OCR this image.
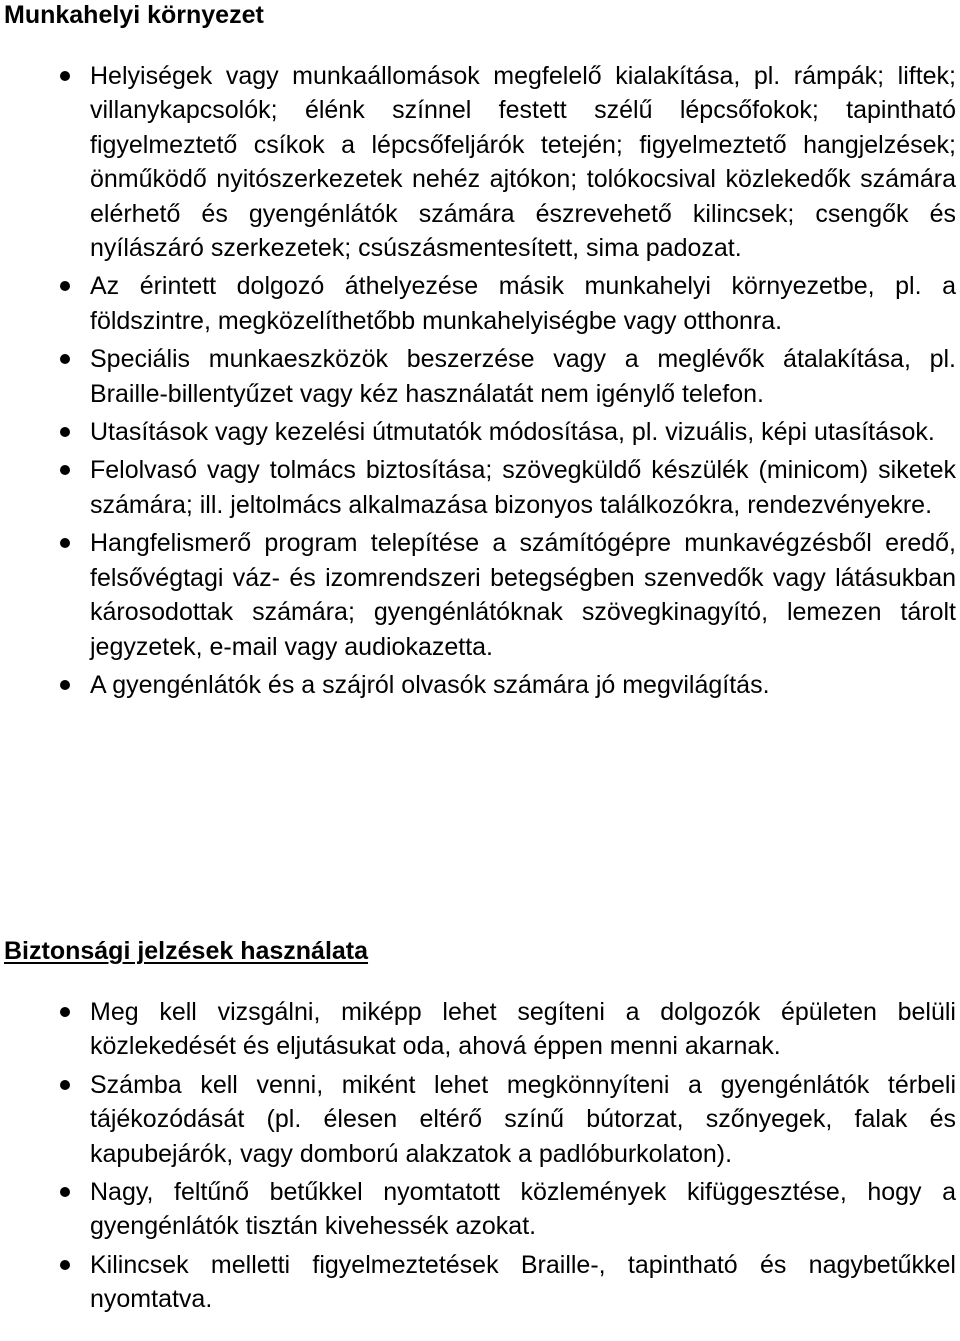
Munkahelyi környezet
Helyiségek vagy munkaállomások megfelelő kialakítása, pl. rámpák; liftek; villanykapcsolók; élénk színnel festett szélű lépcsőfokok; tapintható figyelmeztető csíkok a lépcsőfeljárók tetején; figyelmeztető hangjelzések; önműködő nyitószerkezetek nehéz ajtókon; tolókocsival közlekedők számára elérhető és gyengénlátók számára észrevehető kilincsek; csengők és nyílászáró szerkezetek; csúszásmentesített, sima padozat.
Az érintett dolgozó áthelyezése másik munkahelyi környezetbe, pl. a földszintre, megközelíthetőbb munkahelyiségbe vagy otthonra.
Speciális munkaeszközök beszerzése vagy a meglévők átalakítása, pl. Braille-billentyűzet vagy kéz használatát nem igénylő telefon.
Utasítások vagy kezelési útmutatók módosítása, pl. vizuális, képi utasítások.
Felolvasó vagy tolmács biztosítása; szövegküldő készülék (minicom) siketek számára; ill. jeltolmács alkalmazása bizonyos találkozókra, rendezvényekre.
Hangfelismerő program telepítése a számítógépre munkavégzésből eredő, felsővégtagi váz- és izomrendszeri betegségben szenvedők vagy látásukban károsodottak számára; gyengénlátóknak szövegkinagyító, lemezen tárolt jegyzetek, e-mail vagy audiokazetta.
A gyengénlátók és a szájról olvasók számára jó megvilágítás.
Biztonsági jelzések használata
Meg kell vizsgálni, miképp lehet segíteni a dolgozók épületen belüli közlekedését és eljutásukat oda, ahová éppen menni akarnak.
Számba kell venni, miként lehet megkönnyíteni a gyengénlátók térbeli tájékozódását (pl. élesen eltérő színű bútorzat, szőnyegek, falak és kapubejárók, vagy domború alakzatok a padlóburkolaton).
Nagy, feltűnő betűkkel nyomtatott közlemények kifüggesztése, hogy a gyengénlátók tisztán kivehessék azokat.
Kilincsek melletti figyelmeztetések Braille-, tapintható és nagybetűkkel nyomtatva.
